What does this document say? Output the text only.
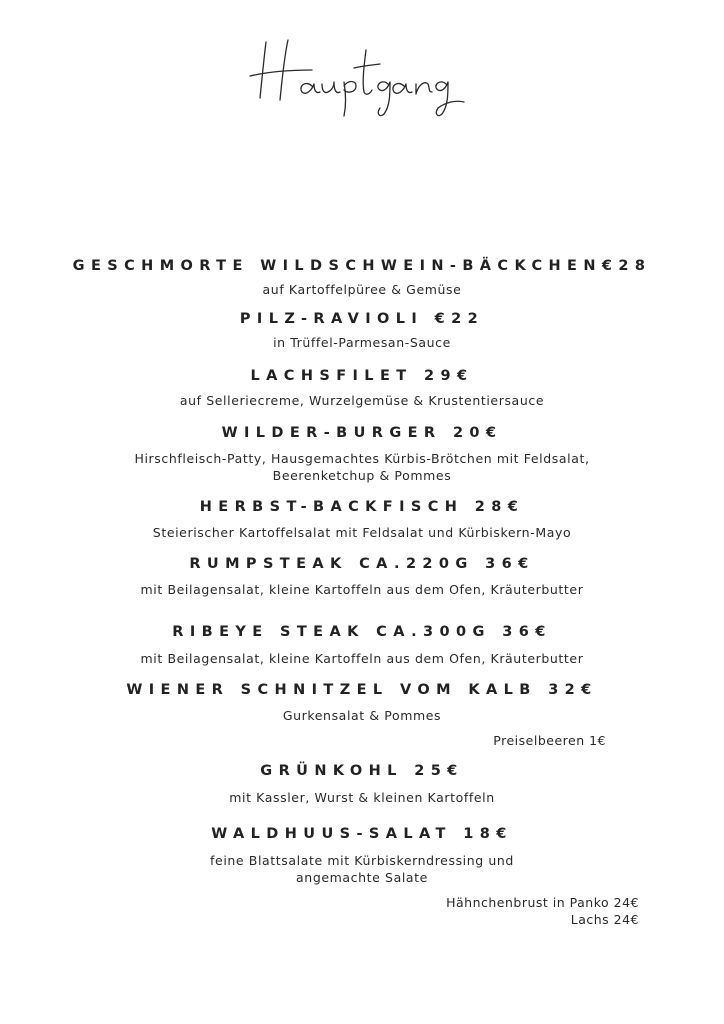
GESCHMORTE WILDSCHWEIN-BÄCKCHEN€28

auf Kartoffelpüree & Gemüse

PILZ-RAVIOLI €22

in Trüffel-Parmesan-Sauce

LACHSFILET 29€

auf Selleriecreme, Wurzelgemüse & Krustentiersauce

WILDER-BURGER 20€

Hirschfleisch-Patty, Hausgemachtes Kürbis-Brötchen mit Feldsalat,

Beerenketchup & Pommes

HERBST-BACKFISCH 28€

Steierischer Kartoffelsalat mit Feldsalat und Kürbiskern-Mayo

RUMPSTEAK CA.220G 36€

mit Beilagensalat, kleine Kartoffeln aus dem Ofen, Kräuterbutter

RIBEYE STEAK CA.300G 36€

mit Beilagensalat, kleine Kartoffeln aus dem Ofen, Kräuterbutter

WIENER SCHNITZEL VOM KALB 32€

Gurkensalat & Pommes

Preiselbeeren 1€

GRÜNKOHL 25€

mit Kassler, Wurst & kleinen Kartoffeln

WALDHUUS-SALAT 18€

feine Blattsalate mit Kürbiskerndressing und

angemachte Salate

Hähnchenbrust in Panko 24€

Lachs 24€
